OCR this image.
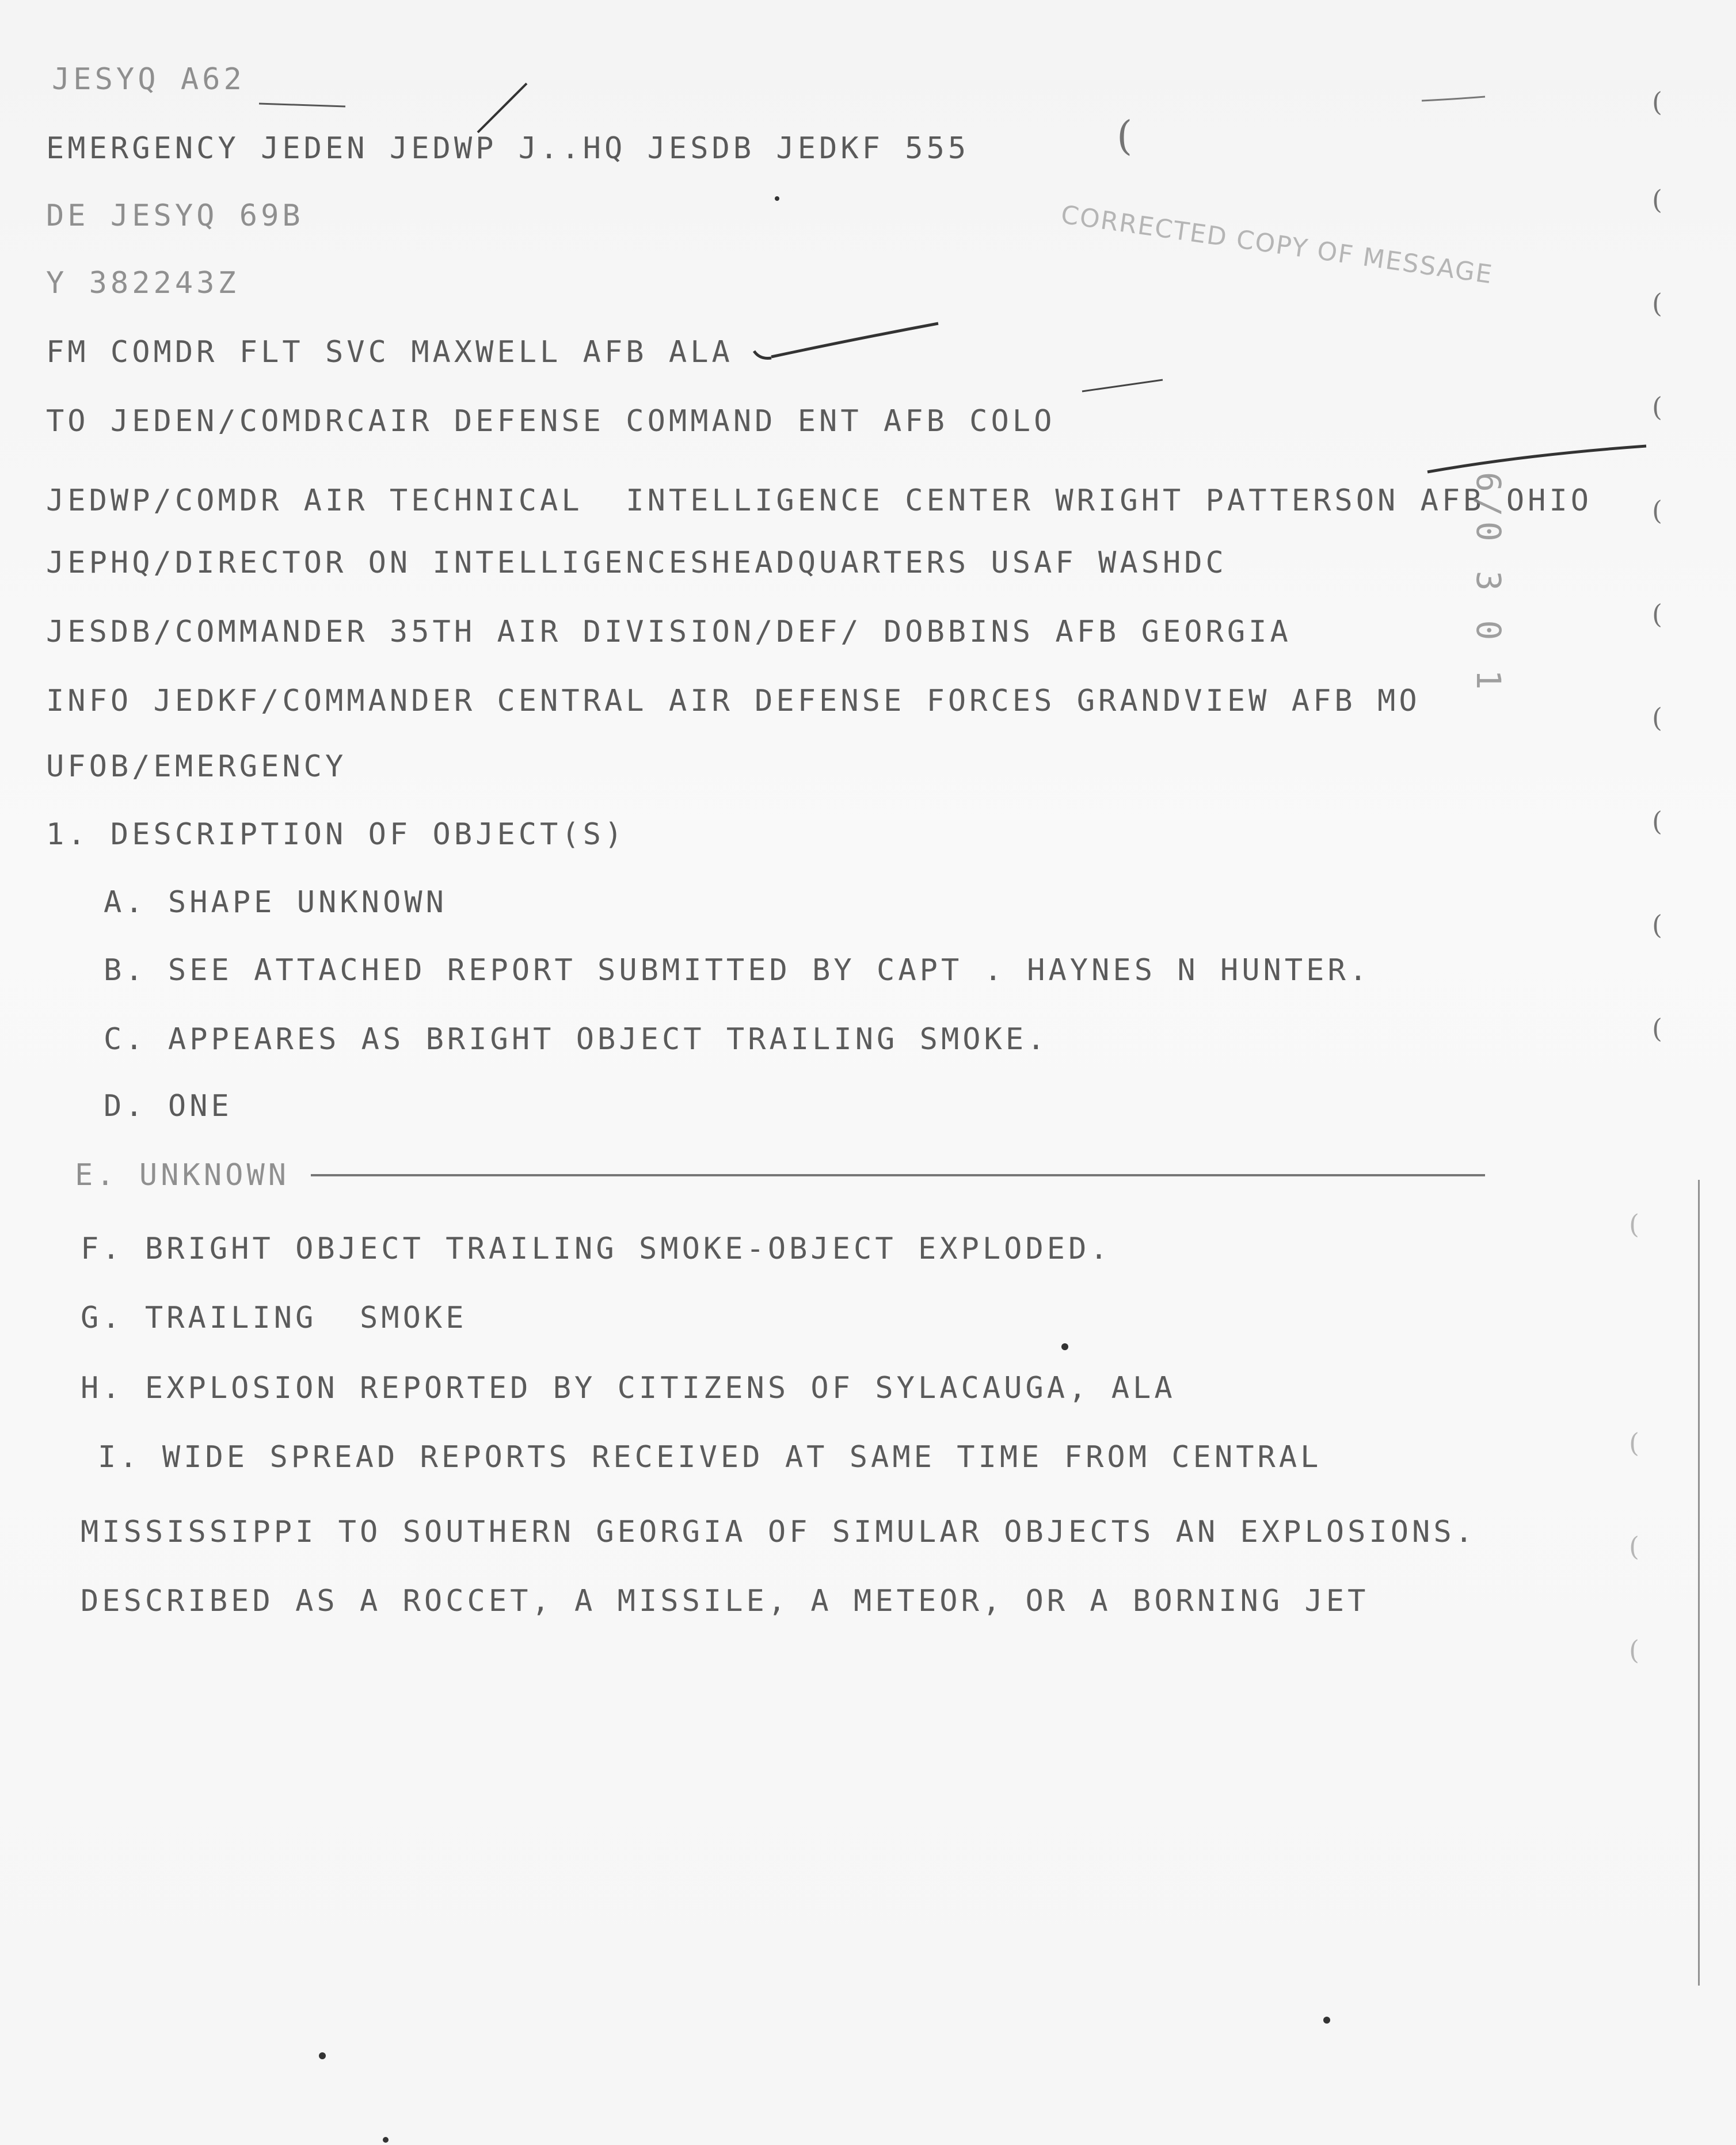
JESYQ A62
EMERGENCY JEDEN JEDWP J..HQ JESDB JEDKF 555
DE JESYQ 69B
Y 382243Z
FM COMDR FLT SVC MAXWELL AFB ALA
TO JEDEN/COMDRCAIR DEFENSE COMMAND ENT AFB COLO
JEDWP/COMDR AIR TECHNICAL  INTELLIGENCE CENTER WRIGHT PATTERSON AFB OHIO
JEPHQ/DIRECTOR ON INTELLIGENCESHEADQUARTERS USAF WASHDC
JESDB/COMMANDER 35TH AIR DIVISION/DEF/ DOBBINS AFB GEORGIA
INFO JEDKF/COMMANDER CENTRAL AIR DEFENSE FORCES GRANDVIEW AFB MO
UFOB/EMERGENCY
1. DESCRIPTION OF OBJECT(S)
A. SHAPE UNKNOWN
B. SEE ATTACHED REPORT SUBMITTED BY CAPT . HAYNES N HUNTER.
C. APPEARES AS BRIGHT OBJECT TRAILING SMOKE.
D. ONE
E. UNKNOWN
F. BRIGHT OBJECT TRAILING SMOKE-OBJECT EXPLODED.
G. TRAILING  SMOKE
H. EXPLOSION REPORTED BY CITIZENS OF SYLACAUGA, ALA
I. WIDE SPREAD REPORTS RECEIVED AT SAME TIME FROM CENTRAL
MISSISSIPPI TO SOUTHERN GEORGIA OF SIMULAR OBJECTS AN EXPLOSIONS.
DESCRIBED AS A ROCCET, A MISSILE, A METEOR, OR A BORNING JET
CORRECTED COPY OF MESSAGE
6/0 3 0 1
(
(
(
(
(
(
(
(
(
(
(
(
(
(
(
